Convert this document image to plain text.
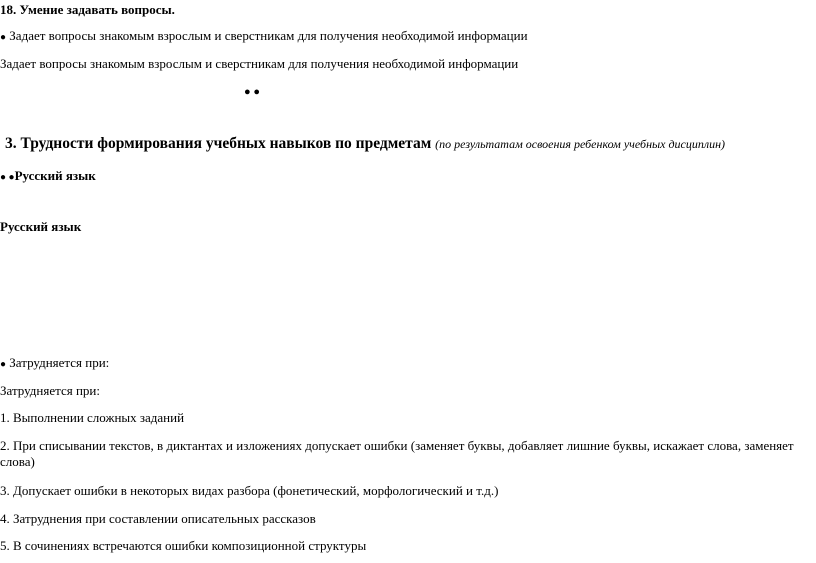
18. Умение задавать вопросы.
● Задает вопросы знакомым взрослым и сверстникам для получения необходимой информации
Задает вопросы знакомым взрослым и сверстникам для получения необходимой информации
● ●
3. Трудности формирования учебных навыков по предметам (по результатам освоения ребенком учебных дисциплин)
● ●Русский язык
Русский язык
● Затрудняется при:
Затрудняется при:
1. Выполнении сложных заданий
2. При списывании текстов, в диктантах и изложениях допускает ошибки (заменяет буквы, добавляет лишние буквы, искажает слова, заменяет слова)
3. Допускает ошибки в некоторых видах разбора (фонетический, морфологический и т.д.)
4. Затруднения при составлении описательных рассказов
5. В сочинениях встречаются ошибки композиционной структуры
